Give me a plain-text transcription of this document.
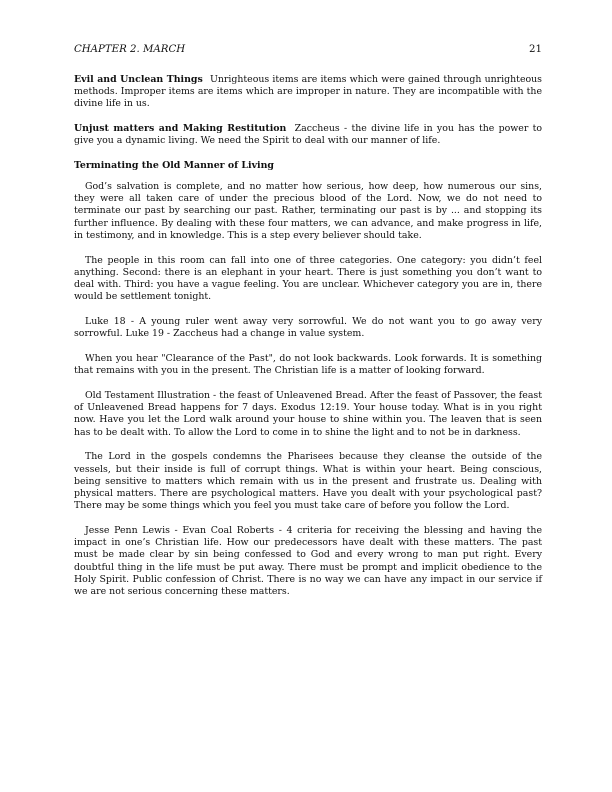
CHAPTER 2. MARCH	21

Evil and Unclean Things Unrighteous items are items which were gained through unrighteous methods. Improper items are items which are improper in nature. They are incompatible with the divine life in us.

Unjust matters and Making Restitution Zaccheus - the divine life in you has the power to give you a dynamic living. We need the Spirit to deal with our manner of life.

Terminating the Old Manner of Living

God’s salvation is complete, and no matter how serious, how deep, how numerous our sins, they were all taken care of under the precious blood of the Lord. Now, we do not need to terminate our past by searching our past. Rather, terminating our past is by ... and stopping its further influence. By dealing with these four matters, we can advance, and make progress in life, in testimony, and in knowledge. This is a step every believer should take.

The people in this room can fall into one of three categories. One category: you didn’t feel anything. Second: there is an elephant in your heart. There is just something you don’t want to deal with. Third: you have a vague feeling. You are unclear. Whichever category you are in, there would be settlement tonight.

Luke 18 - A young ruler went away very sorrowful. We do not want you to go away very sorrowful. Luke 19 - Zaccheus had a change in value system.

When you hear "Clearance of the Past", do not look backwards. Look forwards. It is something that remains with you in the present. The Christian life is a matter of looking forward.

Old Testament Illustration - the feast of Unleavened Bread. After the feast of Passover, the feast of Unleavened Bread happens for 7 days. Exodus 12:19. Your house today. What is in you right now. Have you let the Lord walk around your house to shine within you. The leaven that is seen has to be dealt with. To allow the Lord to come in to shine the light and to not be in darkness.

The Lord in the gospels condemns the Pharisees because they cleanse the outside of the vessels, but their inside is full of corrupt things. What is within your heart. Being conscious, being sensitive to matters which remain with us in the present and frustrate us. Dealing with physical matters. There are psychological matters. Have you dealt with your psychological past? There may be some things which you feel you must take care of before you follow the Lord.

Jesse Penn Lewis - Evan Coal Roberts - 4 criteria for receiving the blessing and having the impact in one’s Christian life. How our predecessors have dealt with these matters. The past must be made clear by sin being confessed to God and every wrong to man put right. Every doubtful thing in the life must be put away. There must be prompt and implicit obedience to the Holy Spirit. Public confession of Christ. There is no way we can have any impact in our service if we are not serious concerning these matters.
